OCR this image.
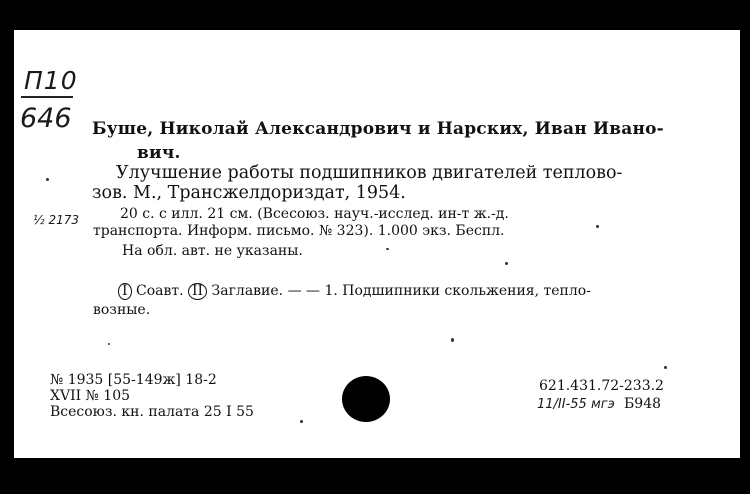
П10
646 Буше, Николай Александрович и Нарских, Иван Ивано-
вич.
Улучшение работы подшипников двигателей теплово-
зов. М., Трансжелдориздат, 1954.
½ 2173	20 с. с илл. 21 см. (Всесоюз. науч.-исслед. ин-т ж.-д.
транспорта. Информ. письмо. № 323). 1.000 экз. Беспл.
На обл. авт. не указаны.
I Соавт. II Заглавие. — — 1. Подшипники скольжения, тепло-
возные.
№ 1935 [55-149ж] 18-2
XVII № 105
Всесоюз. кн. палата 25 I 55
621.431.72-233.2
11/II-55 мгэ Б948
